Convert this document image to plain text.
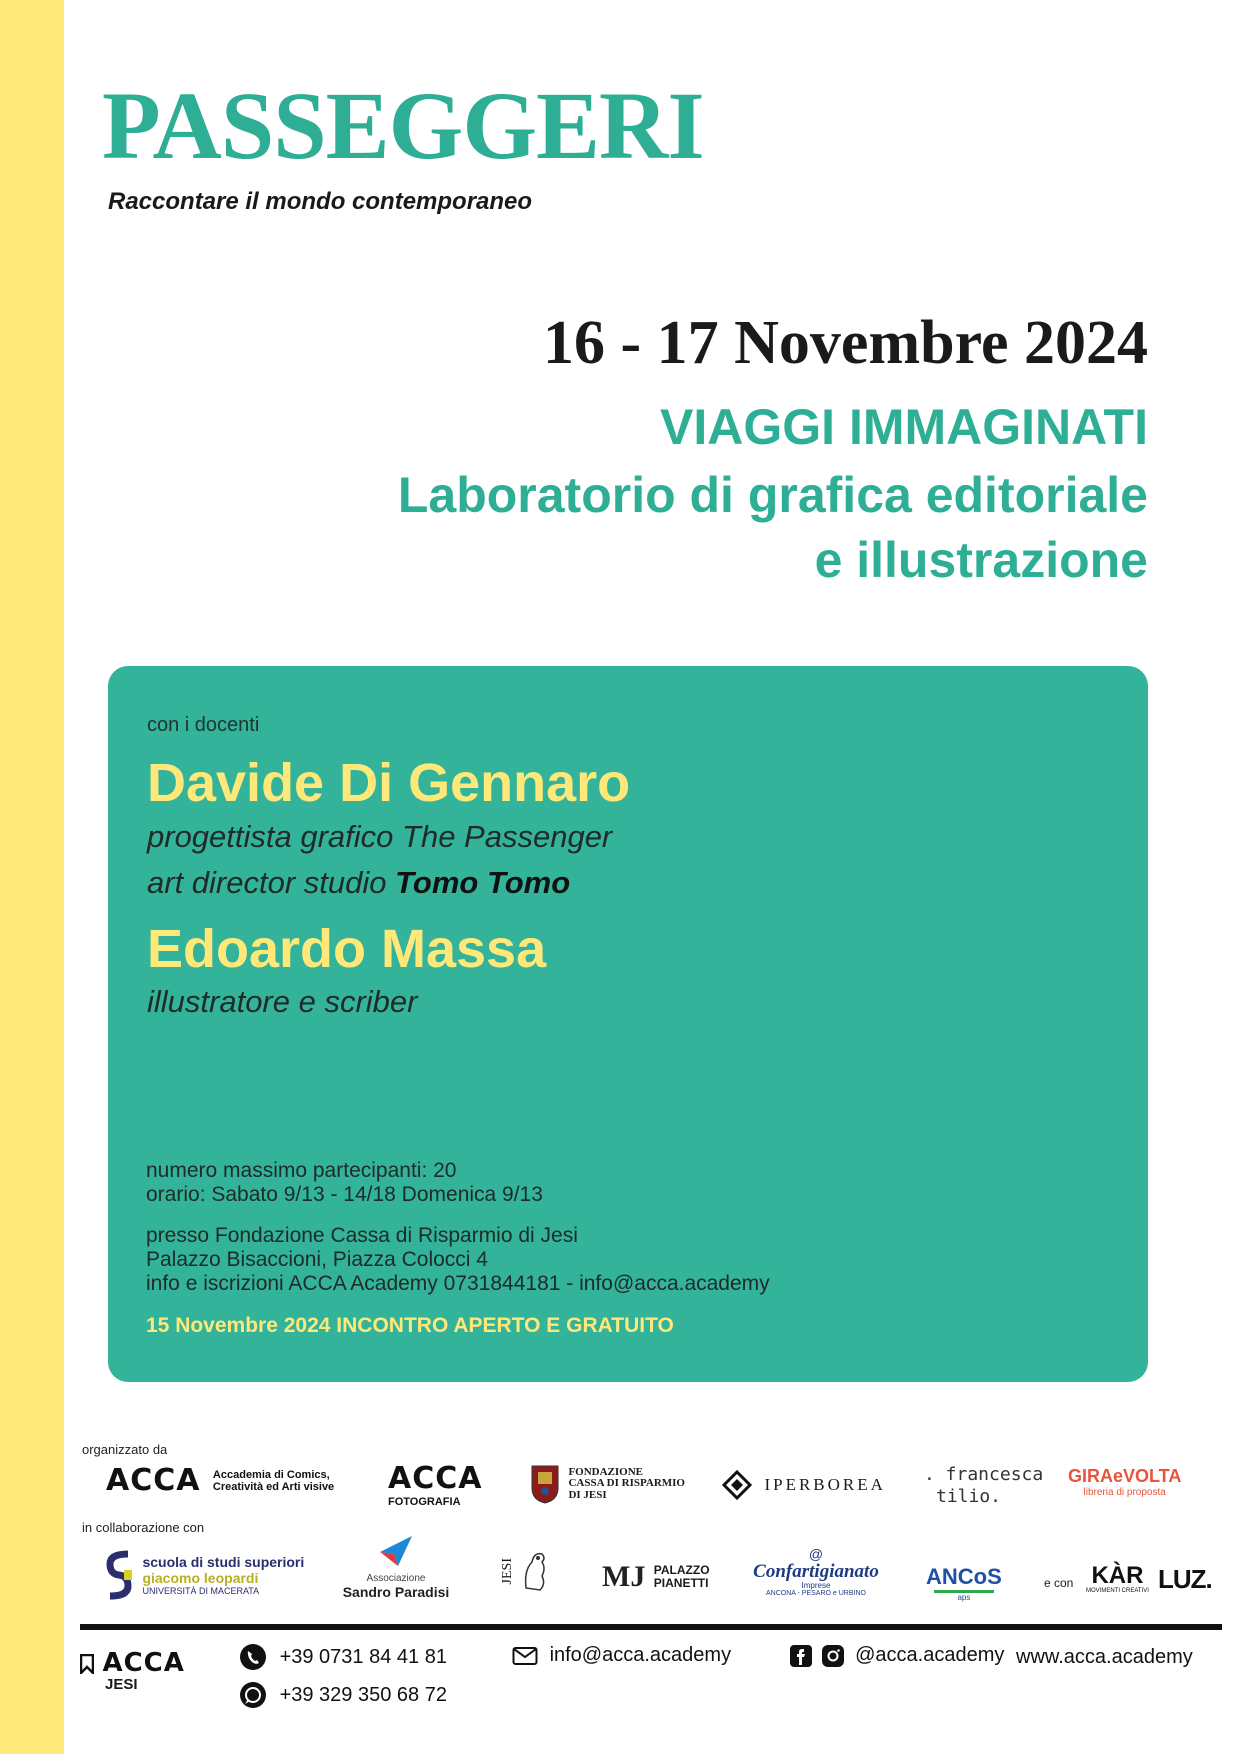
PASSEGGERI
Raccontare il mondo contemporaneo
16 - 17 Novembre 2024
VIAGGI IMMAGINATI
Laboratorio di grafica editoriale
e illustrazione
con i docenti
Davide Di Gennaro
progettista grafico The Passenger
art director studio Tomo Tomo
Edoardo Massa
illustratore e scriber
numero massimo partecipanti: 20
orario: Sabato 9/13 - 14/18 Domenica 9/13
presso Fondazione Cassa di Risparmio di Jesi
Palazzo Bisaccioni, Piazza Colocci 4
info e iscrizioni ACCA Academy 0731844181 - info@acca.academy
15 Novembre 2024 INCONTRO APERTO E GRATUITO
organizzato da
ACCA Accademia di Comics,
Creatività ed Arti visive ACCA
FOTOGRAFIA

FONDAZIONE
CASSA DI RISPARMIO
DI JESI
IPERBOREA . francesca
tilio.
GIRAeVOLTA
libreria di proposta
in collaborazione con

scuola di studi superiori
giacomo leopardi
UNIVERSITÀ DI MACERATA
Associazione
Sandro Paradisi
JESI	MJ PALAZZO
PIANETTI
@
Confartigianato
Imprese
ANCONA - PESARO e URBINO
ANCoS
aps
e con KÀR
MOVIMENTI CREATIVI LUZ.
ACCA
JESI
+39 0731 84 41 81
+39 329 350 68 72
info@acca.academy	@acca.academy www.acca.academy
